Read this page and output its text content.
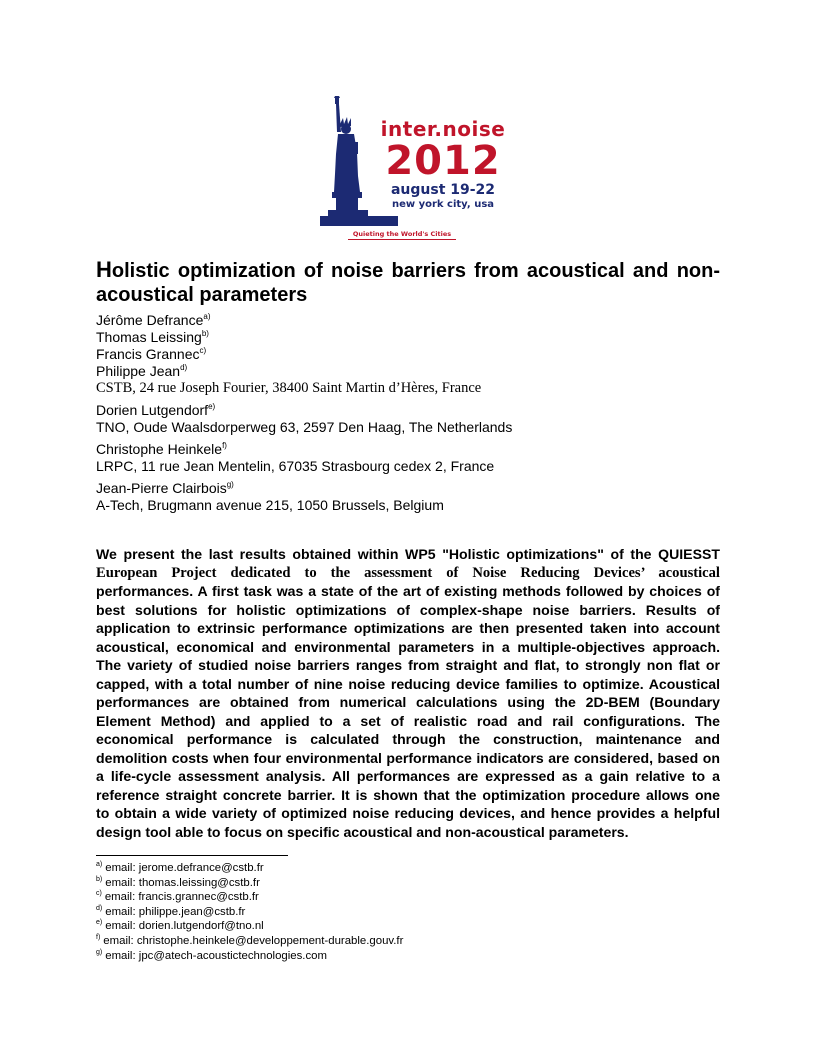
inter.noise
2012
august 19-22
new york city, usa
Quieting the World's Cities
Holistic optimization of noise barriers from acoustical and non-acoustical parameters
Jérôme Defrance$^{a)}$
Thomas Leissing$^{b)}$
Francis Grannec$^{c)}$
Philippe Jean$^{d)}$
CSTB, 24 rue Joseph Fourier, 38400 Saint Martin d’Hères, France
Dorien Lutgendorf$^{e)}$
TNO, Oude Waalsdorperweg 63, 2597 Den Haag, The Netherlands
Christophe Heinkele$^{f)}$
LRPC, 11 rue Jean Mentelin, 67035 Strasbourg cedex 2, France
Jean-Pierre Clairbois$^{g)}$
A-Tech, Brugmann avenue 215, 1050 Brussels, Belgium
We present the last results obtained within WP5 "Holistic optimizations" of the QUIESST
European Project dedicated to the assessment of Noise Reducing Devices’ acoustical
performances. A first task was a state of the art of existing methods followed by choices of
best solutions for holistic optimizations of complex-shape noise barriers. Results of
application to extrinsic performance optimizations are then presented taken into account
acoustical, economical and environmental parameters in a multiple-objectives approach.
The variety of studied noise barriers ranges from straight and flat, to strongly non flat or
capped, with a total number of nine noise reducing device families to optimize. Acoustical
performances are obtained from numerical calculations using the 2D-BEM (Boundary
Element Method) and applied to a set of realistic road and rail configurations. The
economical performance is calculated through the construction, maintenance and
demolition costs when four environmental performance indicators are considered, based on
a life-cycle assessment analysis. All performances are expressed as a gain relative to a
reference straight concrete barrier. It is shown that the optimization procedure allows one
to obtain a wide variety of optimized noise reducing devices, and hence provides a helpful
design tool able to focus on specific acoustical and non-acoustical parameters.
$^{a)}$ email: jerome.defrance@cstb.fr
$^{b)}$ email: thomas.leissing@cstb.fr
$^{c)}$ email: francis.grannec@cstb.fr
$^{d)}$ email: philippe.jean@cstb.fr
$^{e)}$ email: dorien.lutgendorf@tno.nl
$^{f)}$ email: christophe.heinkele@developpement-durable.gouv.fr
$^{g)}$ email: jpc@atech-acoustictechnologies.com
